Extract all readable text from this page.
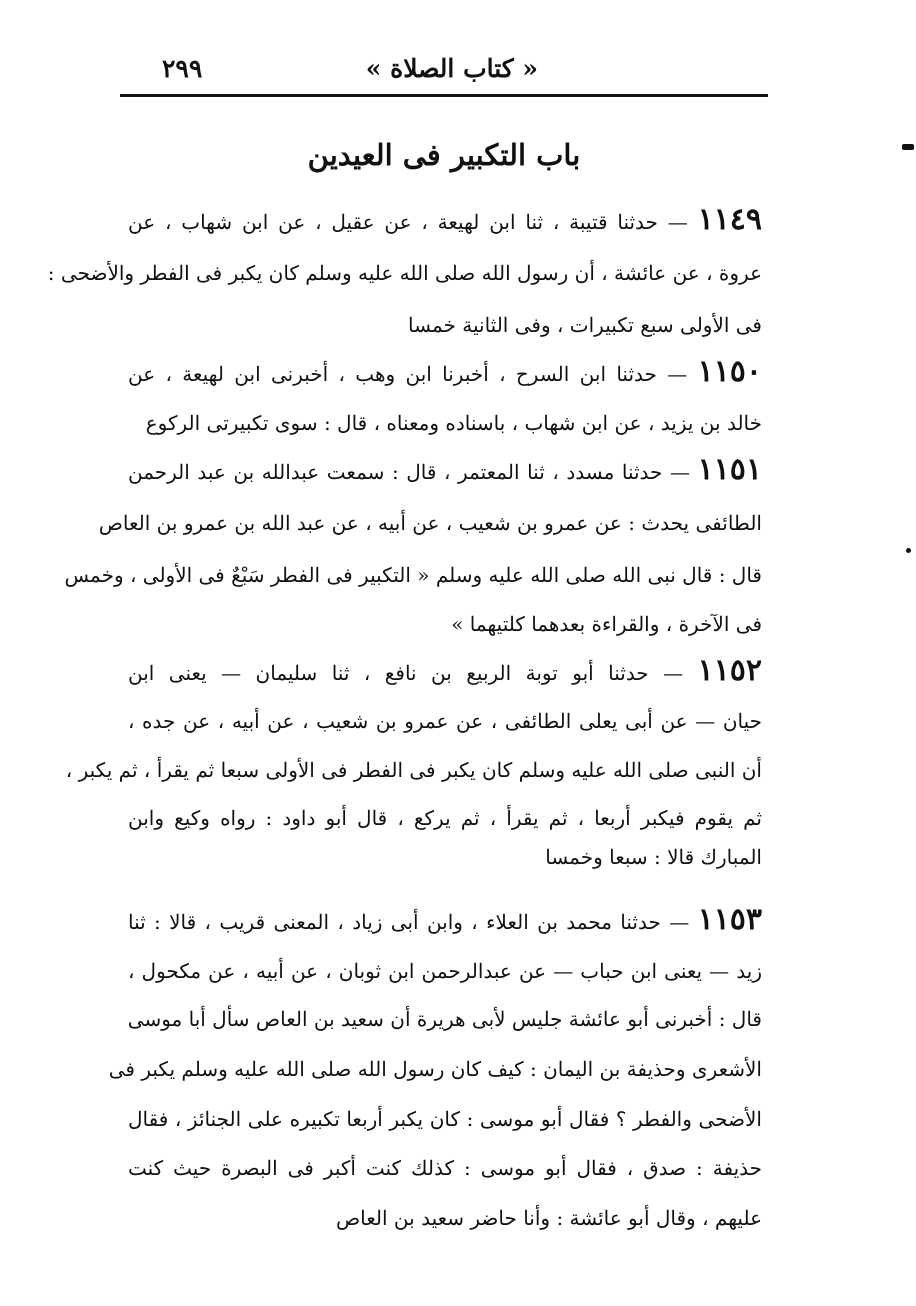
« كتاب الصلاة »
٢٩٩
باب التكبير فى العيدين
١١٤٩ — حدثنا قتيبة ، ثنا ابن لهيعة ، عن عقيل ، عن ابن شهاب ، عن
عروة ، عن عائشة ، أن رسول الله صلى الله عليه وسلم كان يكبر فى الفطر والأضحى :
فى الأولى سبع تكبيرات ، وفى الثانية خمسا
١١٥٠ — حدثنا ابن السرح ، أخبرنا ابن وهب ، أخبرنى ابن لهيعة ، عن
خالد بن يزيد ، عن ابن شهاب ، باسناده ومعناه ، قال : سوى تكبيرتى الركوع
١١٥١ — حدثنا مسدد ، ثنا المعتمر ، قال : سمعت عبدالله بن عبد الرحمن
الطائفى يحدث : عن عمرو بن شعيب ، عن أبيه ، عن عبد الله بن عمرو بن العاص
قال : قال نبى الله صلى الله عليه وسلم « التكبير فى الفطر سَبْعٌ فى الأولى ، وخمس
فى الآخرة ، والقراءة بعدهما كلتيهما »
١١٥٢ — حدثنا أبو توبة الربيع بن نافع ، ثنا سليمان — يعنى ابن
حيان — عن أبى يعلى الطائفى ، عن عمرو بن شعيب ، عن أبيه ، عن جده ،
أن النبى صلى الله عليه وسلم كان يكبر فى الفطر فى الأولى سبعا ثم يقرأ ، ثم يكبر ،
ثم يقوم فيكبر أربعا ، ثم يقرأ ، ثم يركع ، قال أبو داود : رواه وكيع وابن
المبارك قالا : سبعا وخمسا
١١٥٣ — حدثنا محمد بن العلاء ، وابن أبى زياد ، المعنى قريب ، قالا : ثنا
زيد — يعنى ابن حباب — عن عبدالرحمن ابن ثوبان ، عن أبيه ، عن مكحول ،
قال : أخبرنى أبو عائشة جليس لأبى هريرة أن سعيد بن العاص سأل أبا موسى
الأشعرى وحذيفة بن اليمان : كيف كان رسول الله صلى الله عليه وسلم يكبر فى
الأضحى والفطر ؟ فقال أبو موسى : كان يكبر أربعا تكبيره على الجنائز ، فقال
حذيفة : صدق ، فقال أبو موسى : كذلك كنت أكبر فى البصرة حيث كنت
عليهم ، وقال أبو عائشة : وأنا حاضر سعيد بن العاص
